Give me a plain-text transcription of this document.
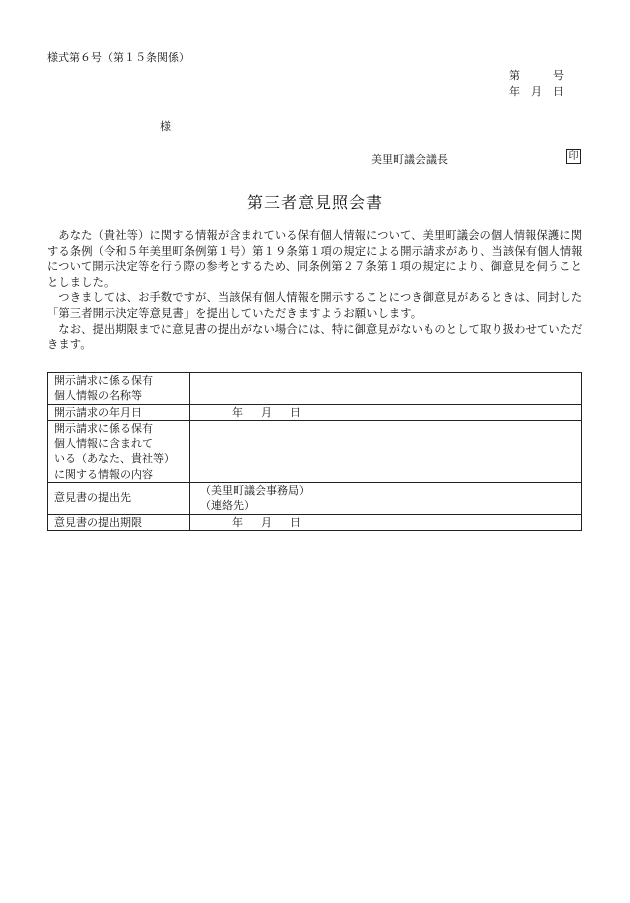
様式第６号（第１５条関係）
第　　　号
年　月　日
様
美里町議会議長	印
第三者意見照会書

あなた（貴社等）に関する情報が含まれている保有個人情報について、美里町議会の個人情報保護に関する条例（令和５年美里町条例第１号）第１９条第１項の規定による開示請求があり、当該保有個人情報について開示決定等を行う際の参考とするため、同条例第２７条第１項の規定により、御意見を伺うこととしました。

つきましては、お手数ですが、当該保有個人情報を開示することにつき御意見があるときは、同封した「第三者開示決定等意見書」を提出していただきますようお願いします。

なお、提出期限までに意見書の提出がない場合には、特に御意見がないものとして取り扱わせていただきます。

開示請求に係る保有
個人情報の名称等	

開示請求の年月日	年 月 日

開示請求に係る保有
個人情報に含まれて
いる（あなた、貴社等）
に関する情報の内容	

意見書の提出先	（美里町議会事務局）
（連絡先）

意見書の提出期限	年 月 日
